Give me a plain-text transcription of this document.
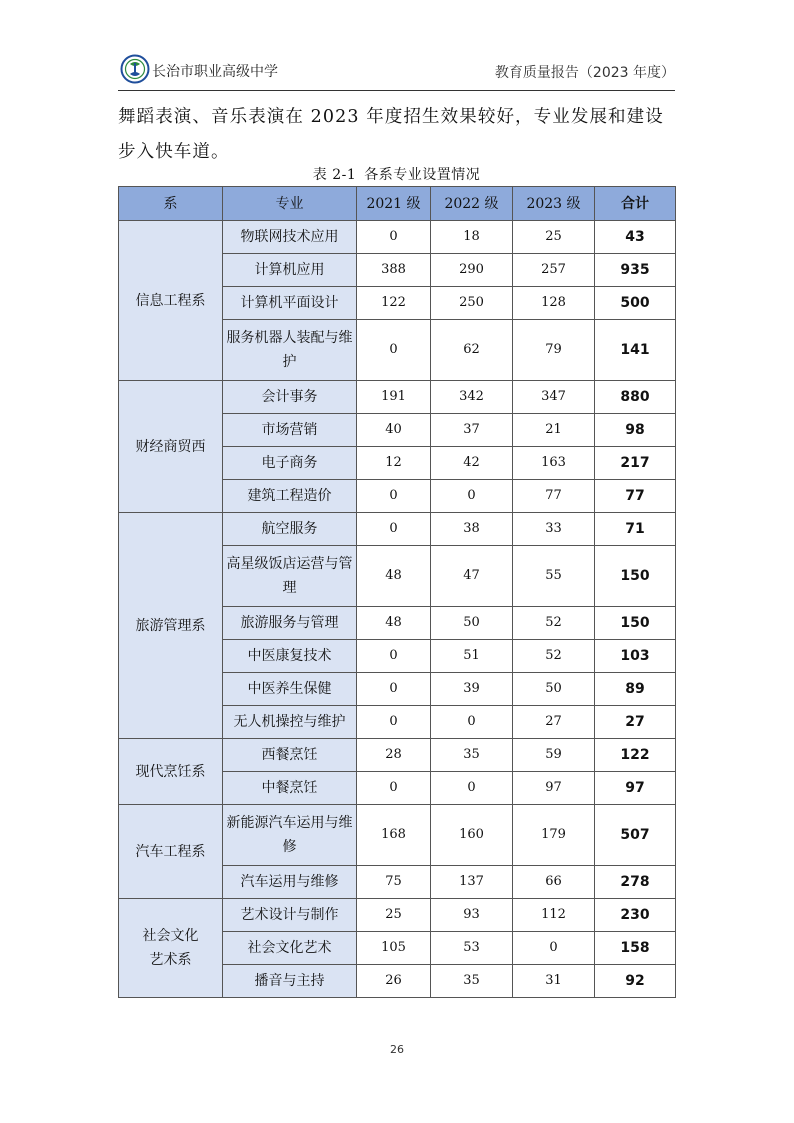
长治市职业高级中学	教育质量报告（2023 年度）

舞蹈表演、音乐表演在 2023 年度招生效果较好，专业发展和建设步入快车道。

表 2-1 各系专业设置情况
系	专业	2021 级	2022 级	2023 级	合计
信息工程系	物联网技术应用	0	18	25	43
	计算机应用	388	290	257	935
	计算机平面设计	122	250	128	500
	服务机器人装配与维护	0	62	79	141
财经商贸西	会计事务	191	342	347	880
	市场营销	40	37	21	98
	电子商务	12	42	163	217
	建筑工程造价	0	0	77	77
旅游管理系	航空服务	0	38	33	71
	高星级饭店运营与管理	48	47	55	150
	旅游服务与管理	48	50	52	150
	中医康复技术	0	51	52	103
	中医养生保健	0	39	50	89
	无人机操控与维护	0	0	27	27
现代烹饪系	西餐烹饪	28	35	59	122
	中餐烹饪	0	0	97	97
汽车工程系	新能源汽车运用与维修	168	160	179	507
	汽车运用与维修	75	137	66	278
社会文化艺术系	艺术设计与制作	25	93	112	230
	社会文化艺术	105	53	0	158
	播音与主持	26	35	31	92
26
